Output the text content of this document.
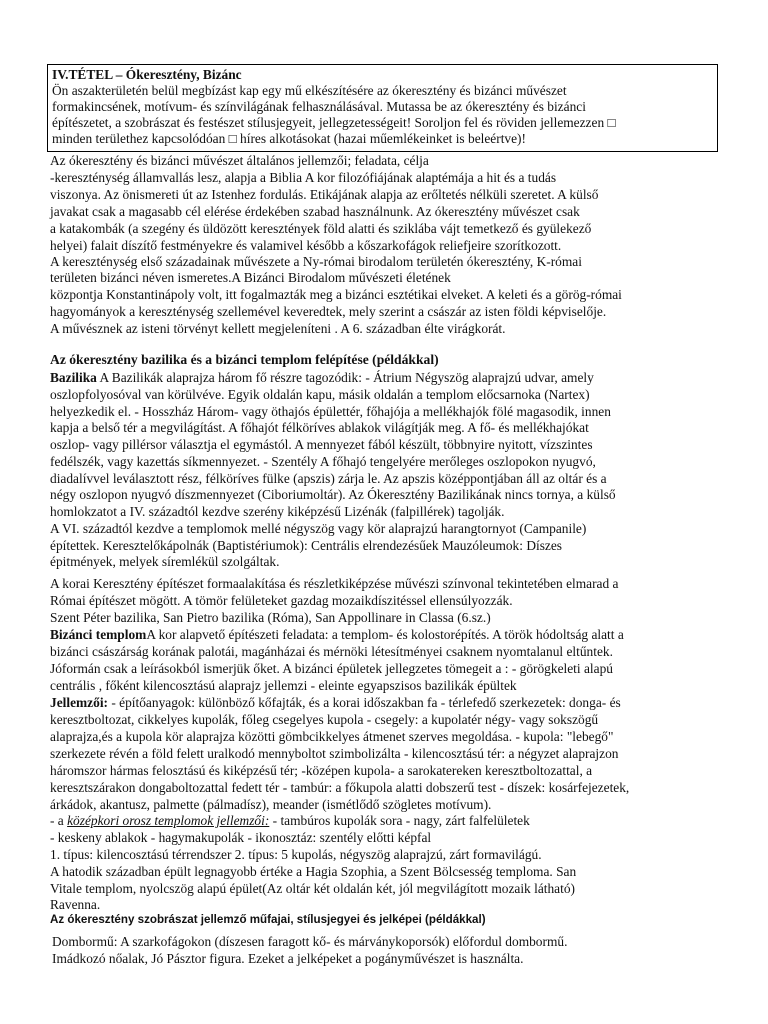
IV.TÉTEL – Ókeresztény, Bizánc
Ön aszakterületén belül megbízást kap egy mű elkészítésére az ókeresztény és bizánci művészet
formakincsének, motívum- és színvilágának felhasználásával. Mutassa be az ókeresztény és bizánci
építészetet, a szobrászat és festészet stílusjegyeit, jellegzetességeit! Soroljon fel és röviden jellemezzen □
minden területhez kapcsolódóan □ híres alkotásokat (hazai műemlékeinket is beleértve)!
Az ókeresztény és bizánci művészet általános jellemzői; feladata, célja
-kereszténység államvallás lesz, alapja a Biblia A kor filozófiájának alaptémája a hit és a tudás
viszonya. Az önismereti út az Istenhez fordulás. Etikájának alapja az erőltetés nélküli szeretet. A külső
javakat csak a magasabb cél elérése érdekében szabad használnunk. Az ókeresztény művészet csak
a katakombák (a szegény és üldözött keresztények föld alatti és sziklába vájt temetkező és gyülekező
helyei) falait díszítő festményekre és valamivel később a kőszarkofágok reliefjeire szorítkozott.
A kereszténység első századainak művészete a Ny-római birodalom területén ókeresztény, K-római
területen bizánci néven ismeretes.A Bizánci Birodalom művészeti életének
központja Konstantinápoly volt, itt fogalmazták meg a bizánci esztétikai elveket. A keleti és a görög-római
hagyományok a kereszténység szellemével keveredtek, mely szerint a császár az isten földi képviselője.
A művésznek az isteni törvényt kellett megjeleníteni . A 6. században élte virágkorát.
Az ókeresztény bazilika és a bizánci templom felépítése (példákkal)
Bazilika A Bazilikák alaprajza három fő részre tagozódik: - Átrium Négyszög alaprajzú udvar, amely
oszlopfolyosóval van körülvéve. Egyik oldalán kapu, másik oldalán a templom előcsarnoka (Nartex)
helyezkedik el. - Hosszház Három- vagy öthajós épülettér, főhajója a mellékhajók fölé magasodik, innen
kapja a belső tér a megvilágítást. A főhajót félköríves ablakok világítják meg. A fő- és mellékhajókat
oszlop- vagy pillérsor választja el egymástól. A mennyezet fából készült, többnyire nyitott, vízszintes
fedélszék, vagy kazettás síkmennyezet. - Szentély A főhajó tengelyére merőleges oszlopokon nyugvó,
diadalívvel leválasztott rész, félköríves fülke (apszis) zárja le. Az apszis középpontjában áll az oltár és a
négy oszlopon nyugvó díszmennyezet (Ciboriumoltár). Az Ókeresztény Bazilikának nincs tornya, a külső
homlokzatot a IV. századtól kezdve szerény kiképzésű Lizénák (falpillérek) tagolják.
A VI. századtól kezdve a templomok mellé négyszög vagy kör alaprajzú harangtornyot (Campanile)
építettek. Keresztelőkápolnák (Baptistériumok): Centrális elrendezésűek Mauzóleumok: Díszes
épitmények, melyek síremlékül szolgáltak.
A korai Keresztény építészet formaalakítása és részletkiképzése művészi színvonal tekintetében elmarad a
Római építészet mögött. A tömör felületeket gazdag mozaikdíszitéssel ellensúlyozzák.
Szent Péter bazilika, San Pietro bazilika (Róma), San Appollinare in Classa (6.sz.)
Bizánci templomA kor alapvető építészeti feladata: a templom- és kolostorépítés. A török hódoltság alatt a
bizánci császárság korának palotái, magánházai és mérnöki létesítményei csaknem nyomtalanul eltűntek.
Jóformán csak a leírásokból ismerjük őket. A bizánci épületek jellegzetes tömegeit a : - görögkeleti alapú
centrális , főként kilencosztású alaprajz jellemzi - eleinte egyapszisos bazilikák épültek
Jellemzői: - építőanyagok: különböző kőfajták, és a korai időszakban fa - térlefedő szerkezetek: donga- és
keresztboltozat, cikkelyes kupolák, főleg csegelyes kupola - csegely: a kupolatér négy- vagy sokszögű
alaprajza,és a kupola kör alaprajza közötti gömbcikkelyes átmenet szerves megoldása. - kupola: "lebegő"
szerkezete révén a föld felett uralkodó mennyboltot szimbolizálta - kilencosztású tér: a négyzet alaprajzon
háromszor hármas felosztású és kiképzésű tér; -középen kupola- a sarokatereken keresztboltozattal, a
keresztszárakon dongaboltozattal fedett tér - tambúr: a főkupola alatti dobszerű test - díszek: kosárfejezetek,
árkádok, akantusz, palmette (pálmadísz), meander (ismétlődő szögletes motívum).
- a középkori orosz templomok jellemzői: - tambúros kupolák sora - nagy, zárt falfelületek
- keskeny ablakok - hagymakupolák - ikonosztáz: szentély előtti képfal
1. típus: kilencosztású térrendszer 2. típus: 5 kupolás, négyszög alaprajzú, zárt formavilágú.
A hatodik században épült legnagyobb értéke a Hagia Szophia, a Szent Bölcsesség temploma. San
Vitale templom, nyolcszög alapú épület(Az oltár két oldalán két, jól megvilágított mozaik látható)
Ravenna.
Az ókeresztény szobrászat jellemző műfajai, stílusjegyei és jelképei (példákkal)
Dombormű: A szarkofágokon (díszesen faragott kő- és márványkoporsók) előfordul dombormű.
Imádkozó nőalak, Jó Pásztor figura. Ezeket a jelképeket a pogányművészet is használta.
